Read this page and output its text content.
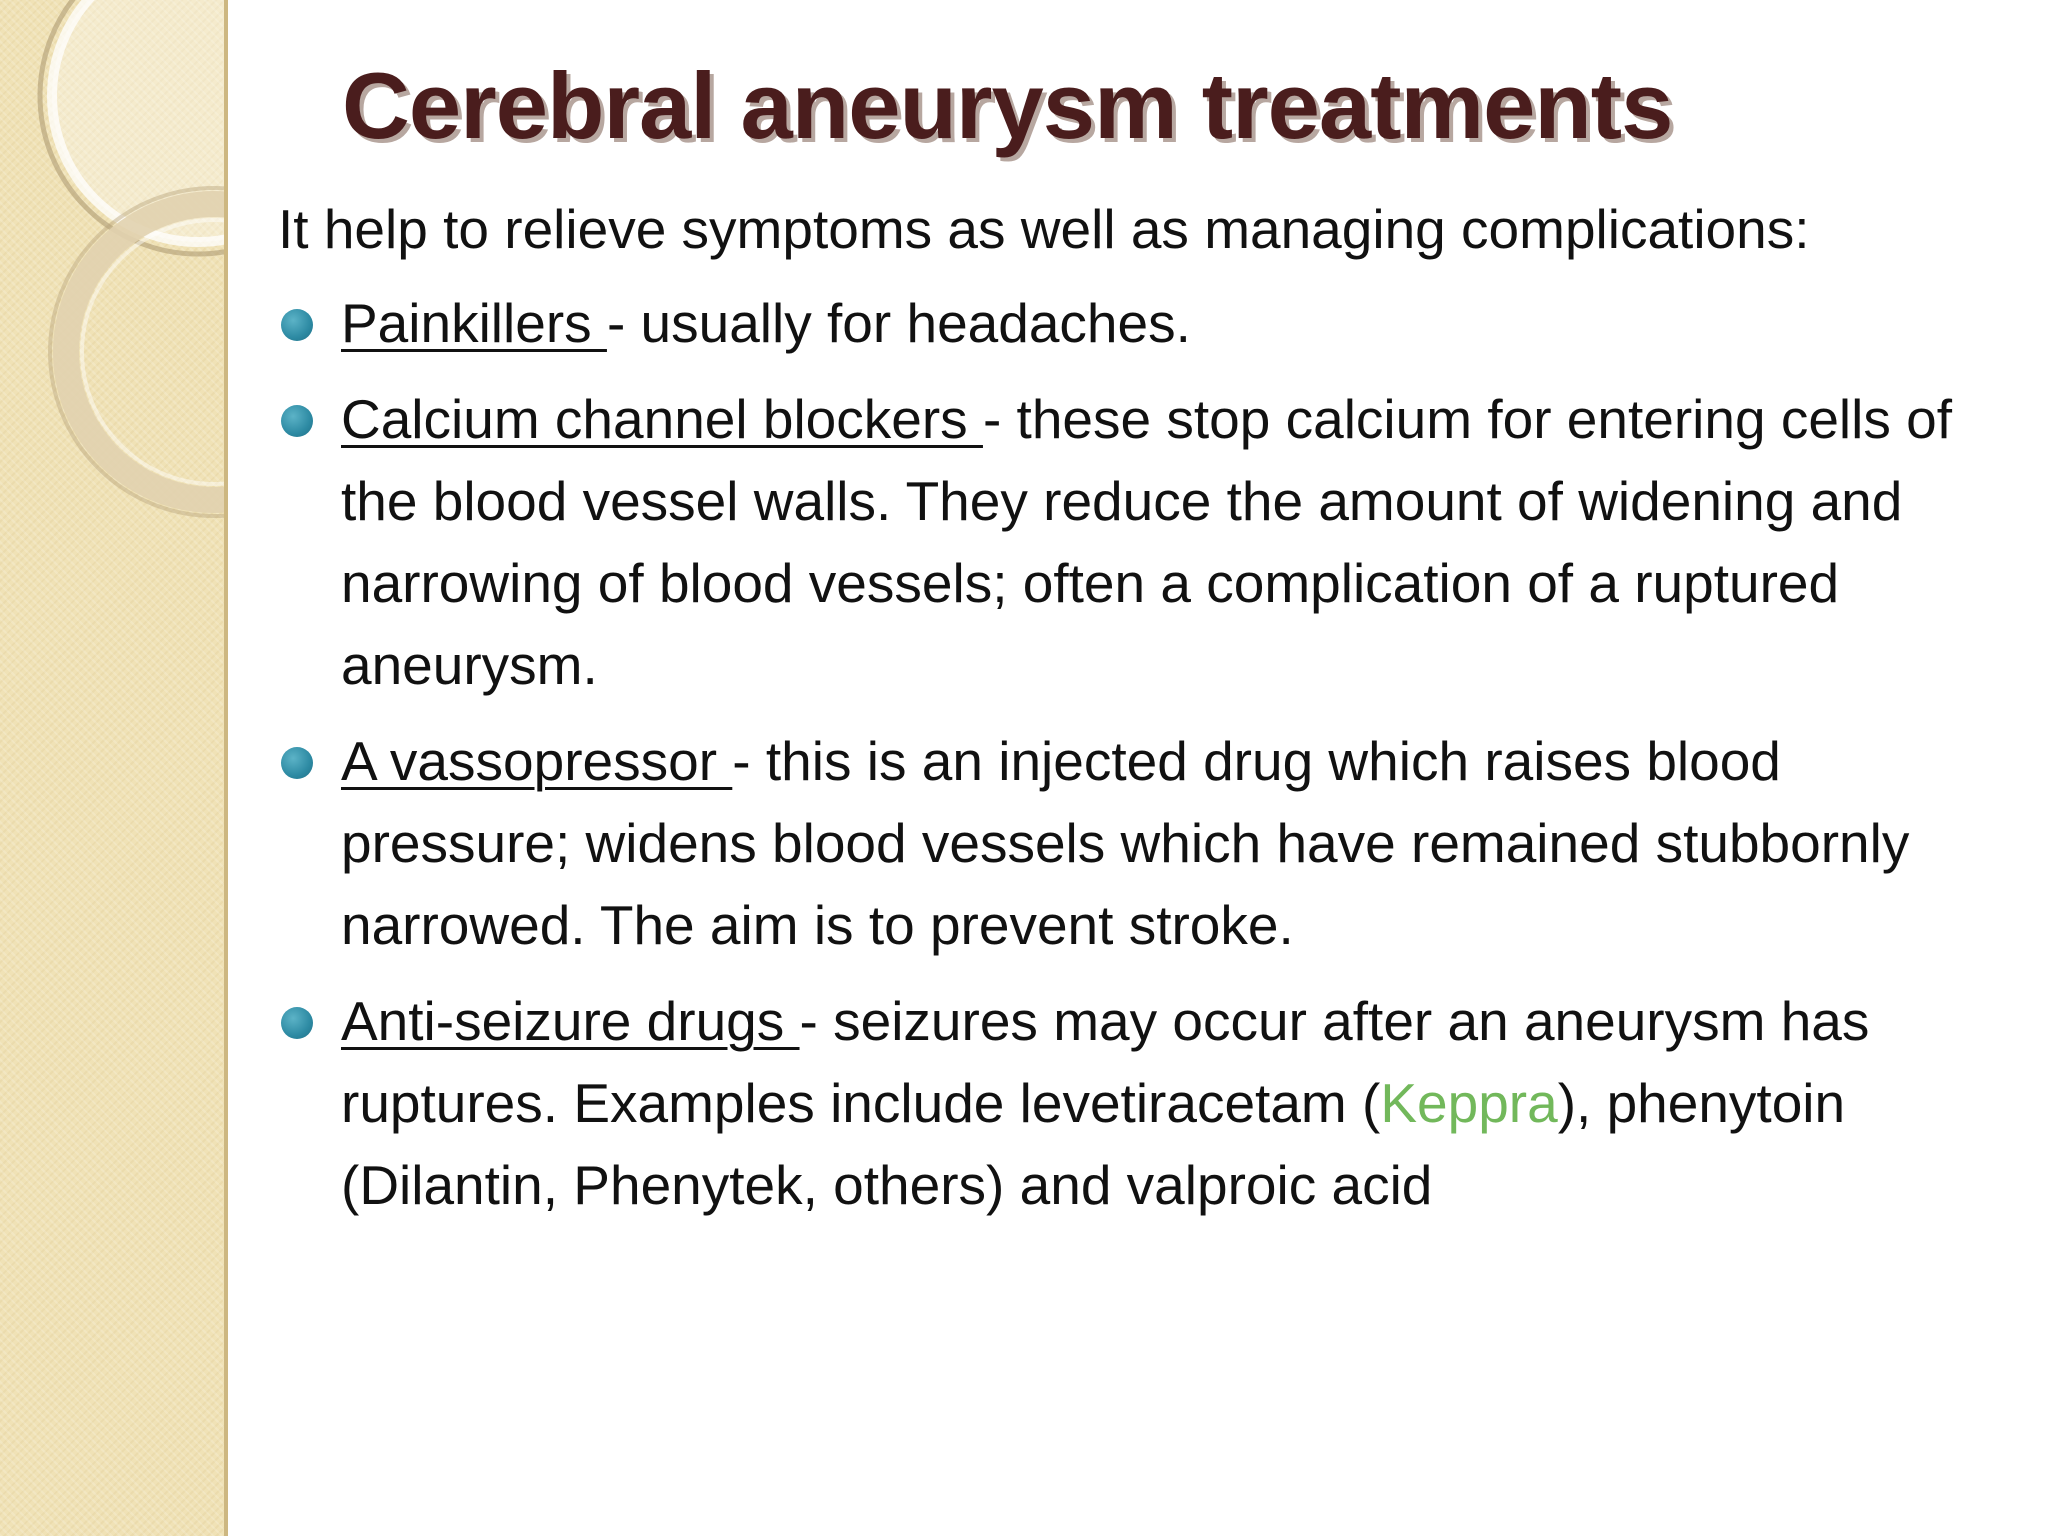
Cerebral aneurysm treatments

It help to relieve symptoms as well as managing complications:

Painkillers - usually for headaches.
Calcium channel blockers - these stop calcium for entering cells of the blood vessel walls. They reduce the amount of widening and narrowing of blood vessels; often a complication of a ruptured aneurysm.
A vassopressor - this is an injected drug which raises blood pressure; widens blood vessels which have remained stubbornly narrowed. The aim is to prevent stroke.
Anti-seizure drugs - seizures may occur after an aneurysm has ruptures. Examples include levetiracetam (Keppra), phenytoin (Dilantin, Phenytek, others) and valproic acid
